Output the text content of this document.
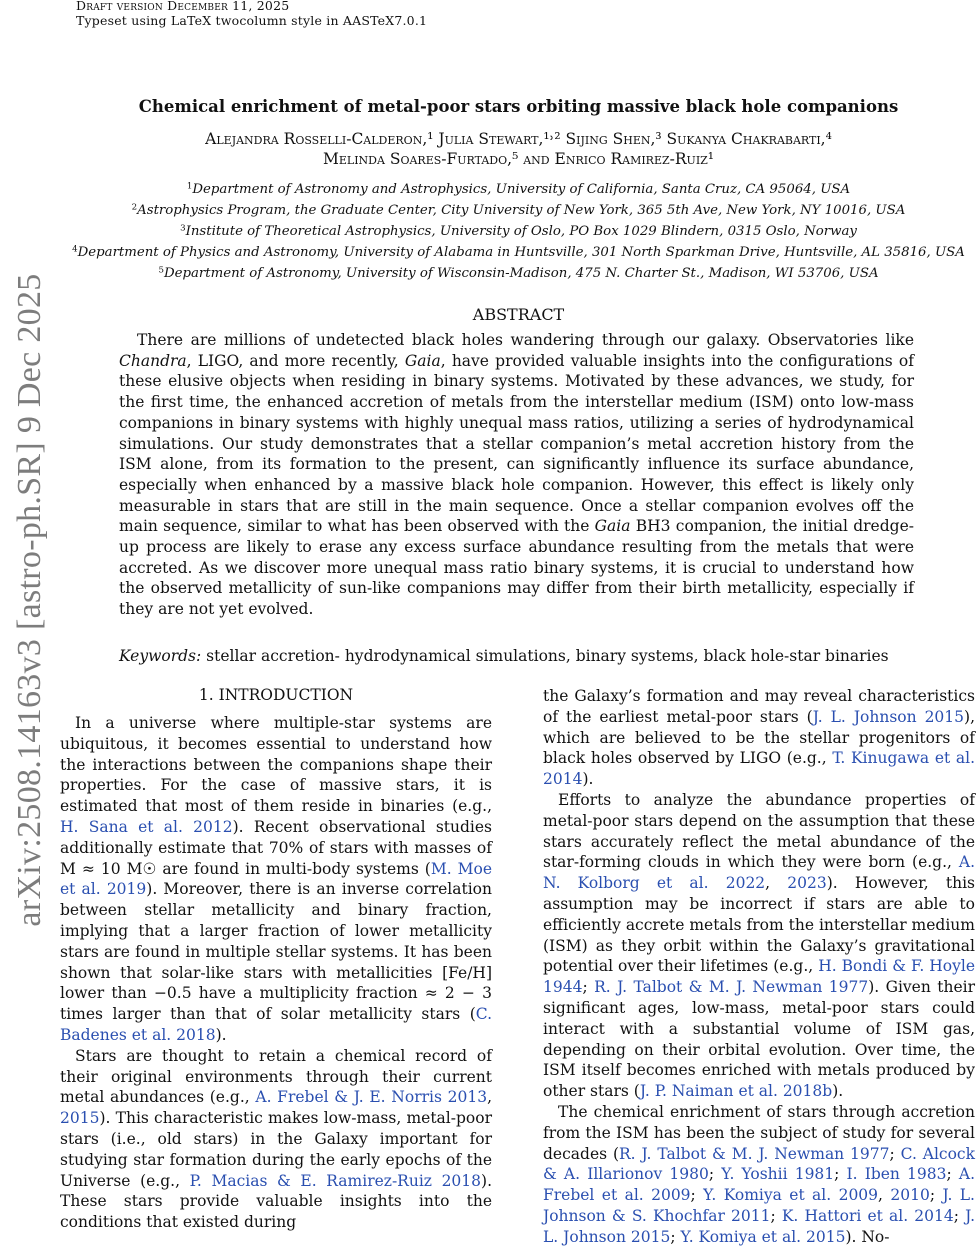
Draft version December 11, 2025
Typeset using LaTeX twocolumn style in AASTeX7.0.1
arXiv:2508.14163v3 [astro-ph.SR] 9 Dec 2025
Chemical enrichment of metal-poor stars orbiting massive black hole companions
Alejandra Rosselli-Calderon,¹ Julia Stewart,¹˒² Sijing Shen,³ Sukanya Chakrabarti,⁴
Melinda Soares-Furtado,⁵ and Enrico Ramirez-Ruiz¹
$^1$Department of Astronomy and Astrophysics, University of California, Santa Cruz, CA 95064, USA
$^2$Astrophysics Program, the Graduate Center, City University of New York, 365 5th Ave, New York, NY 10016, USA
$^3$Institute of Theoretical Astrophysics, University of Oslo, PO Box 1029 Blindern, 0315 Oslo, Norway
$^4$Department of Physics and Astronomy, University of Alabama in Huntsville, 301 North Sparkman Drive, Huntsville, AL 35816, USA
$^5$Department of Astronomy, University of Wisconsin-Madison, 475 N. Charter St., Madison, WI 53706, USA
ABSTRACT
There are millions of undetected black holes wandering through our galaxy. Observatories like Chandra, LIGO, and more recently, Gaia, have provided valuable insights into the configurations of these elusive objects when residing in binary systems. Motivated by these advances, we study, for the first time, the enhanced accretion of metals from the interstellar medium (ISM) onto low-mass companions in binary systems with highly unequal mass ratios, utilizing a series of hydrodynamical simulations. Our study demonstrates that a stellar companion’s metal accretion history from the ISM alone, from its formation to the present, can significantly influence its surface abundance, especially when enhanced by a massive black hole companion. However, this effect is likely only measurable in stars that are still in the main sequence. Once a stellar companion evolves off the main sequence, similar to what has been observed with the Gaia BH3 companion, the initial dredge-up process are likely to erase any excess surface abundance resulting from the metals that were accreted. As we discover more unequal mass ratio binary systems, it is crucial to understand how the observed metallicity of sun-like companions may differ from their birth metallicity, especially if they are not yet evolved.
Keywords: stellar accretion- hydrodynamical simulations, binary systems, black hole-star binaries
1. INTRODUCTION

In a universe where multiple-star systems are ubiquitous, it becomes essential to understand how the interactions between the companions shape their properties. For the case of massive stars, it is estimated that most of them reside in binaries (e.g., H. Sana et al. 2012). Recent observational studies additionally estimate that 70% of stars with masses of M ≈ 10 M☉ are found in multi-body systems (M. Moe et al. 2019). Moreover, there is an inverse correlation between stellar metallicity and binary fraction, implying that a larger fraction of lower metallicity stars are found in multiple stellar systems. It has been shown that solar-like stars with metallicities [Fe/H] lower than −0.5 have a multiplicity fraction ≈ 2 − 3 times larger than that of solar metallicity stars (C. Badenes et al. 2018).

Stars are thought to retain a chemical record of their original environments through their current metal abundances (e.g., A. Frebel & J. E. Norris 2013, 2015). This characteristic makes low-mass, metal-poor stars (i.e., old stars) in the Galaxy important for studying star formation during the early epochs of the Universe (e.g., P. Macias & E. Ramirez-Ruiz 2018). These stars provide valuable insights into the conditions that existed during

the Galaxy’s formation and may reveal characteristics of the earliest metal-poor stars (J. L. Johnson 2015), which are believed to be the stellar progenitors of black holes observed by LIGO (e.g., T. Kinugawa et al. 2014).

Efforts to analyze the abundance properties of metal-poor stars depend on the assumption that these stars accurately reflect the metal abundance of the star-forming clouds in which they were born (e.g., A. N. Kolborg et al. 2022, 2023). However, this assumption may be incorrect if stars are able to efficiently accrete metals from the interstellar medium (ISM) as they orbit within the Galaxy’s gravitational potential over their lifetimes (e.g., H. Bondi & F. Hoyle 1944; R. J. Talbot & M. J. Newman 1977). Given their significant ages, low-mass, metal-poor stars could interact with a substantial volume of ISM gas, depending on their orbital evolution. Over time, the ISM itself becomes enriched with metals produced by other stars (J. P. Naiman et al. 2018b).

The chemical enrichment of stars through accretion from the ISM has been the subject of study for several decades (R. J. Talbot & M. J. Newman 1977; C. Alcock & A. Illarionov 1980; Y. Yoshii 1981; I. Iben 1983; A. Frebel et al. 2009; Y. Komiya et al. 2009, 2010; J. L. Johnson & S. Khochfar 2011; K. Hattori et al. 2014; J. L. Johnson 2015; Y. Komiya et al. 2015). No-
